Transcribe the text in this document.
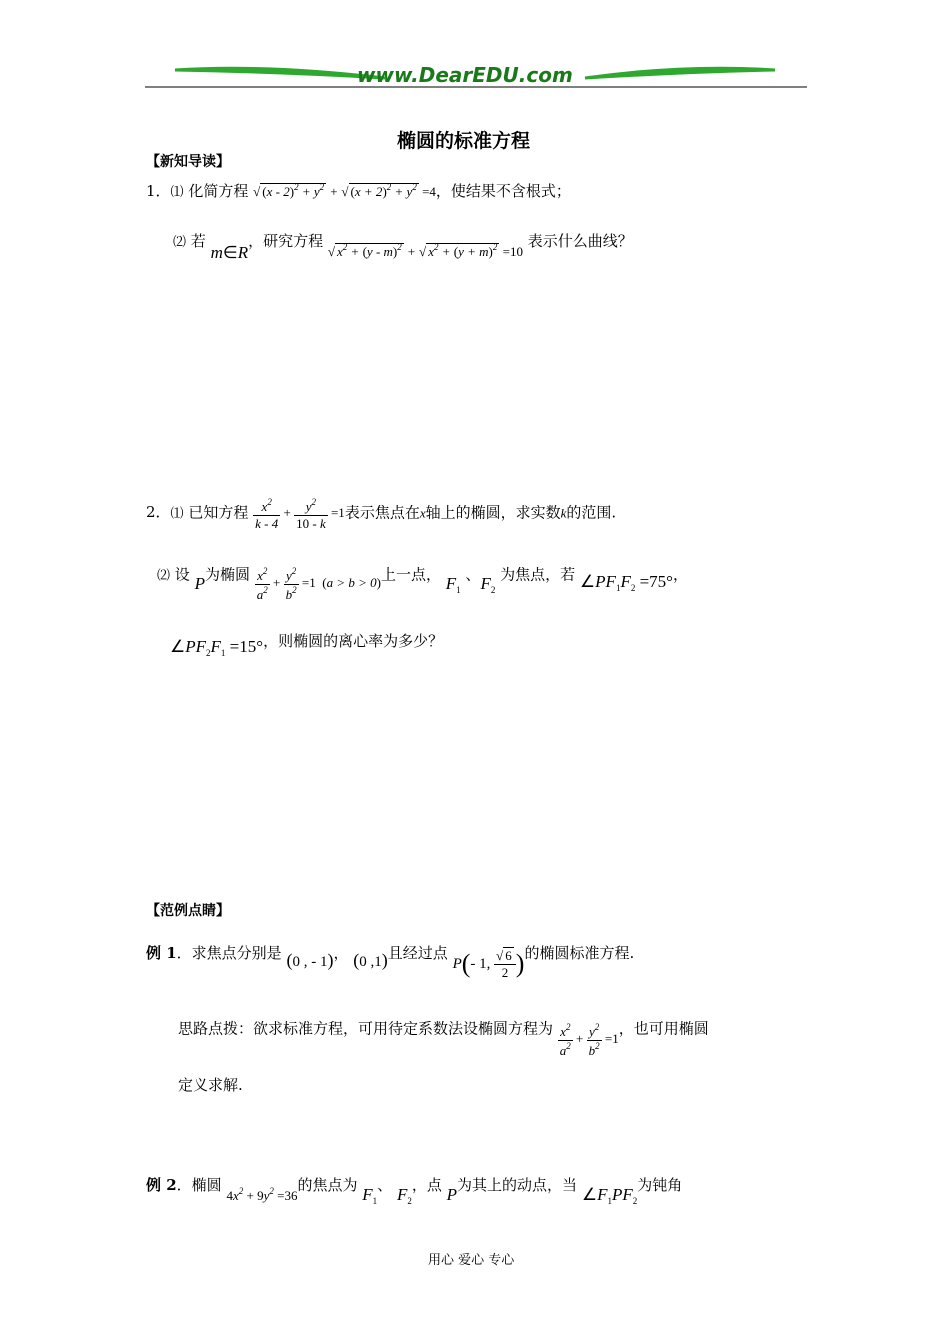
www.DearEDU.com
椭圆的标准方程
【新知导读】
1．⑴ 化简方程 √ $(x - 2)^2 + y^2$ + √ $(x + 2)^2 + y^2 =4$，使结果不含根式；
⑵ 若 m∈R，研究方程 √ $x^2 + (y - m)^2$ + √ $x^2 + (y + m)^2 =10$ 表示什么曲线？
2．⑴ 已知方程 $\frac{x^2}{k - 4} + \frac{y^2}{10 - k} =1$表示焦点在x轴上的椭圆，求实数k的范围.
⑵ 设 P为椭圆 $\frac{x^2}{a^2} + \frac{y^2}{b^2} =1$ (a > b > 0)上一点， $F_1$ 、$F_2$ 为焦点，若 $\angle PF_1F_2 =75^\circ$，
$\angle PF_2F_1 =15^\circ$，则椭圆的离心率为多少？
【范例点睛】
例 1．求焦点分别是 (0 , - 1)， (0 ,1)且经过点 P(- 1, $\frac{√ 6}{2}$ )的椭圆标准方程.
思路点拨：欲求标准方程，可用待定系数法设椭圆方程为 $\frac{x^2}{a^2} + \frac{y^2}{b^2} =1$，也可用椭圆
定义求解.
例 2．椭圆 $4x^2 + 9y^2 =36$的焦点为 $F_1$、 $F_2$，点 P为其上的动点，当 $\angle F_1PF_2$为钝角
用心 爱心 专心
